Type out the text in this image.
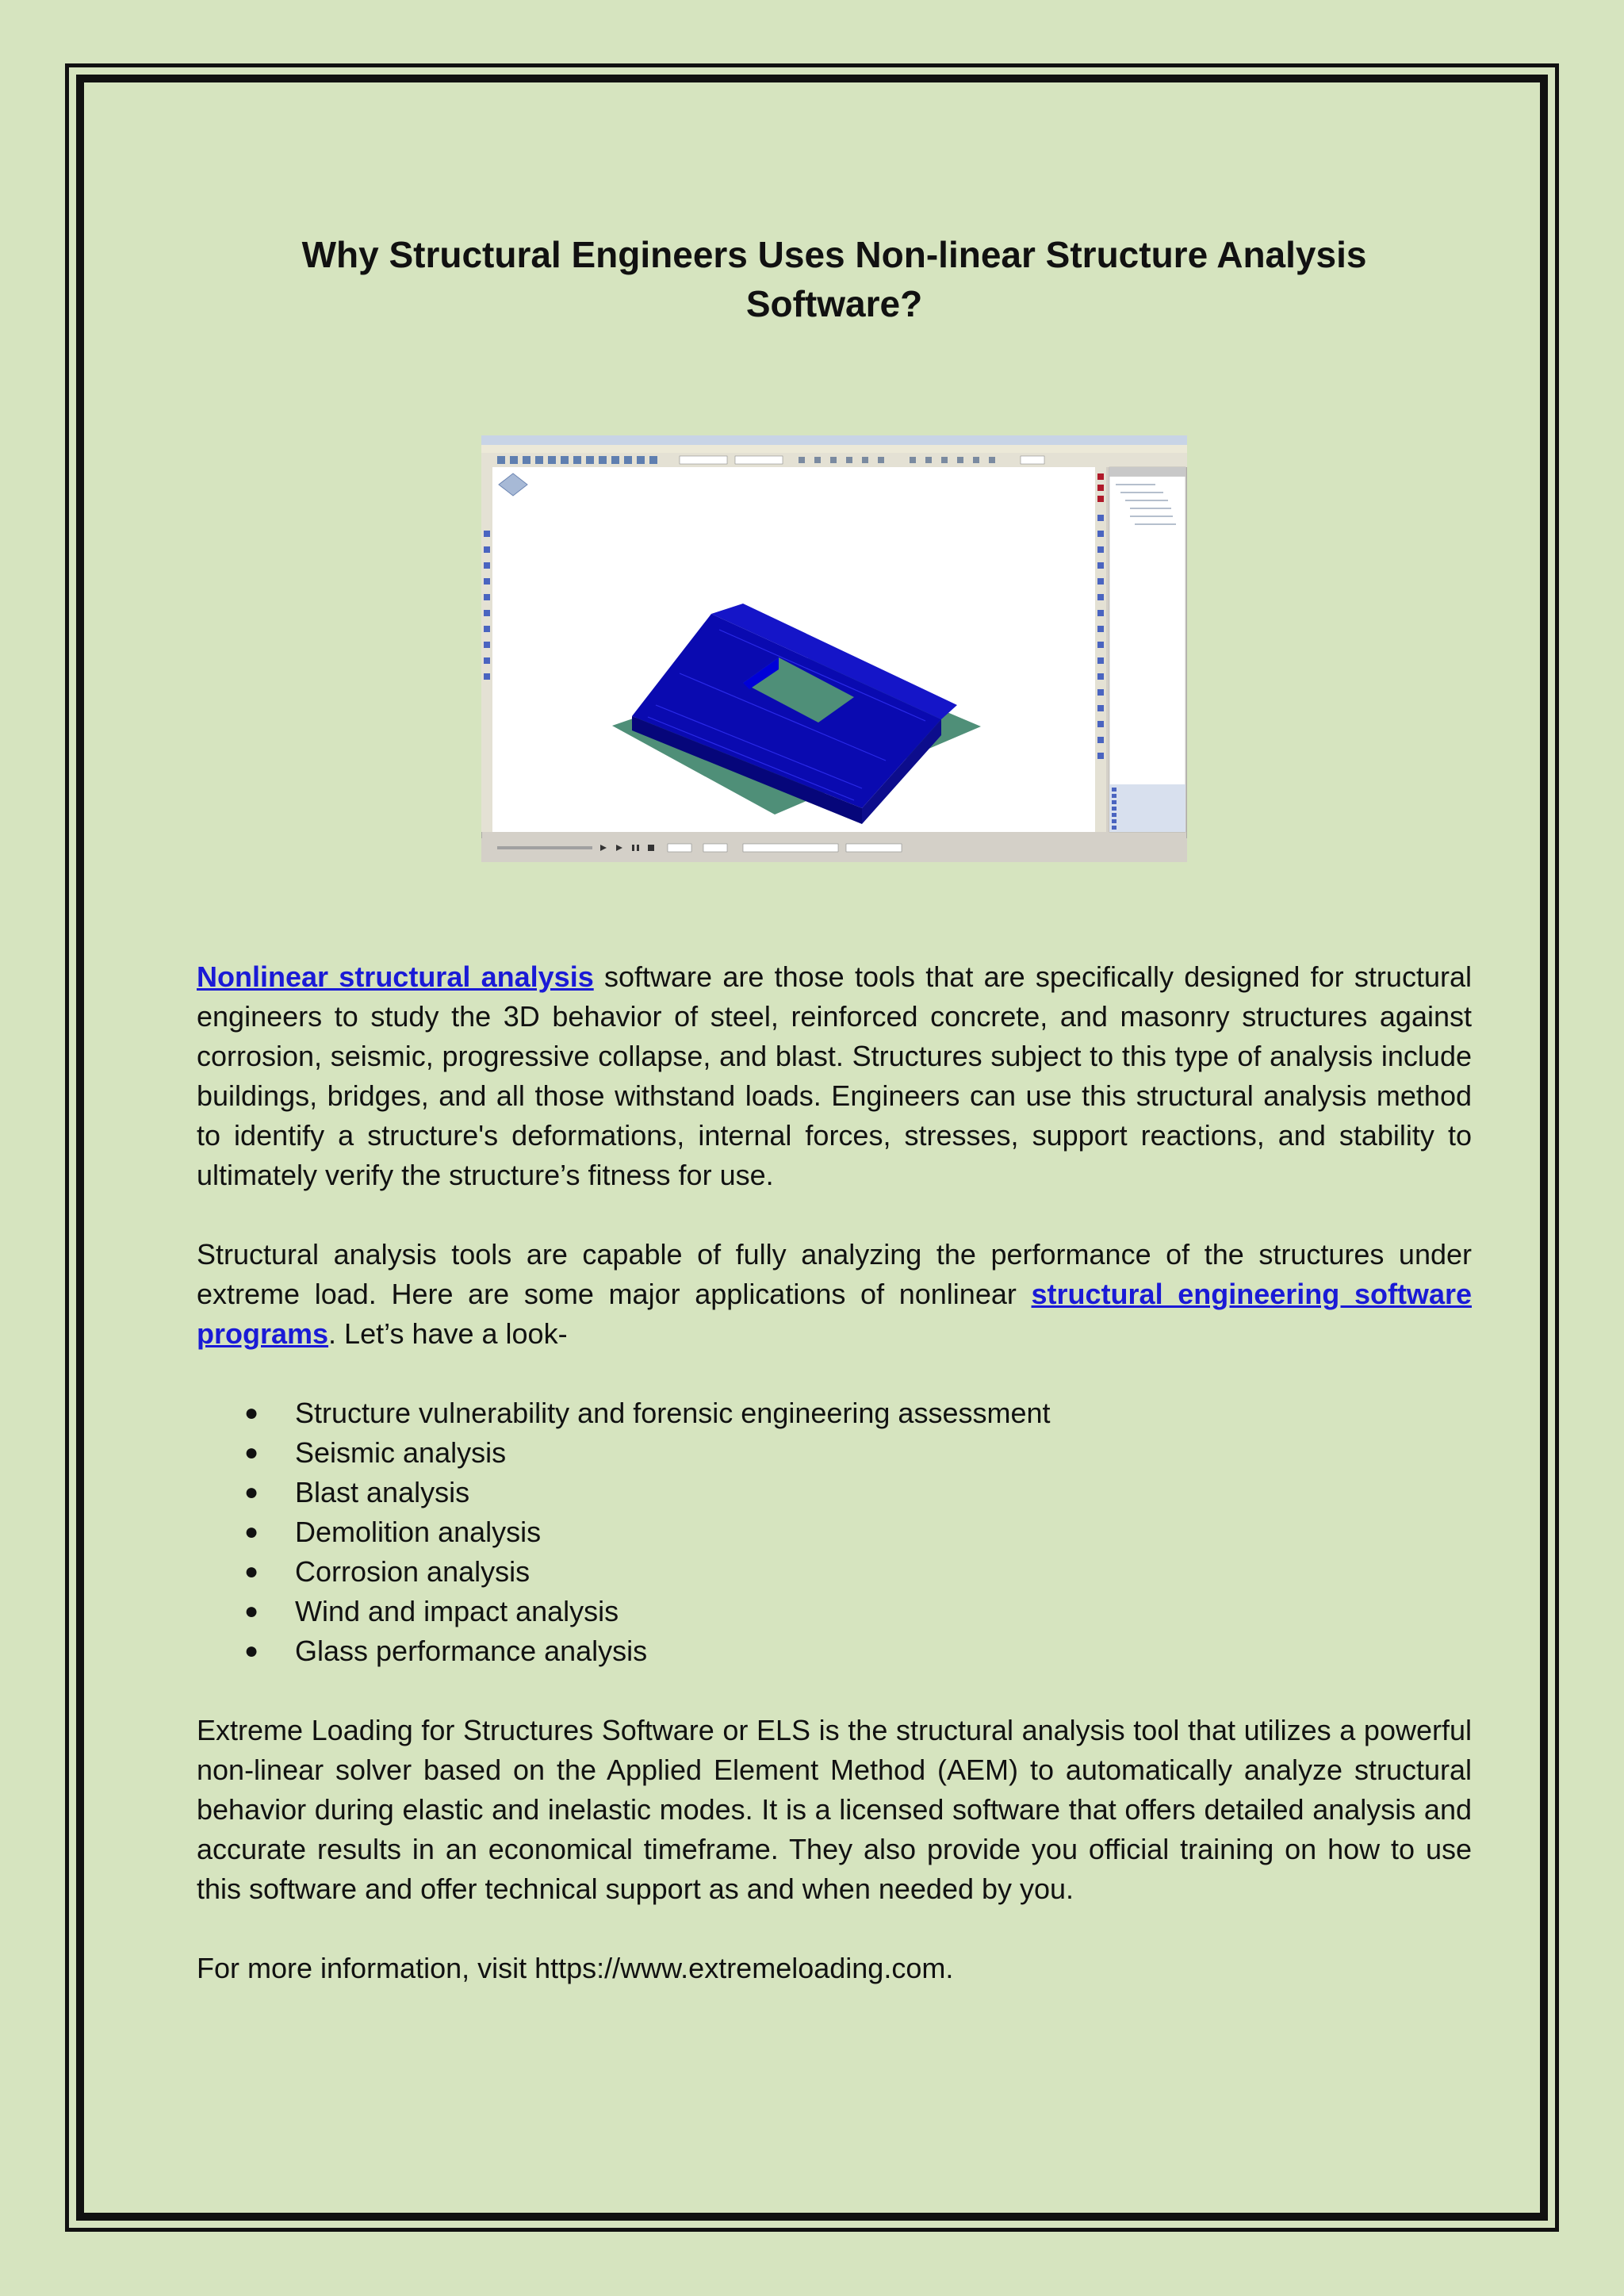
Why Structural Engineers Uses Non-linear Structure Analysis Software?

Nonlinear structural analysis software are those tools that are specifically designed for structural engineers to study the 3D behavior of steel, reinforced concrete, and masonry structures against corrosion, seismic, progressive collapse, and blast. Structures subject to this type of analysis include buildings, bridges, and all those withstand loads. Engineers can use this structural analysis method to identify a structure's deformations, internal forces, stresses, support reactions, and stability to ultimately verify the structure’s fitness for use.

Structural analysis tools are capable of fully analyzing the performance of the structures under extreme load. Here are some major applications of nonlinear structural engineering software programs. Let’s have a look-

● Structure vulnerability and forensic engineering assessment
● Seismic analysis
● Blast analysis
● Demolition analysis
● Corrosion analysis
● Wind and impact analysis
● Glass performance analysis

Extreme Loading for Structures Software or ELS is the structural analysis tool that utilizes a powerful non-linear solver based on the Applied Element Method (AEM) to automatically analyze structural behavior during elastic and inelastic modes. It is a licensed software that offers detailed analysis and accurate results in an economical timeframe. They also provide you official training on how to use this software and offer technical support as and when needed by you.

For more information, visit https://www.extremeloading.com.
